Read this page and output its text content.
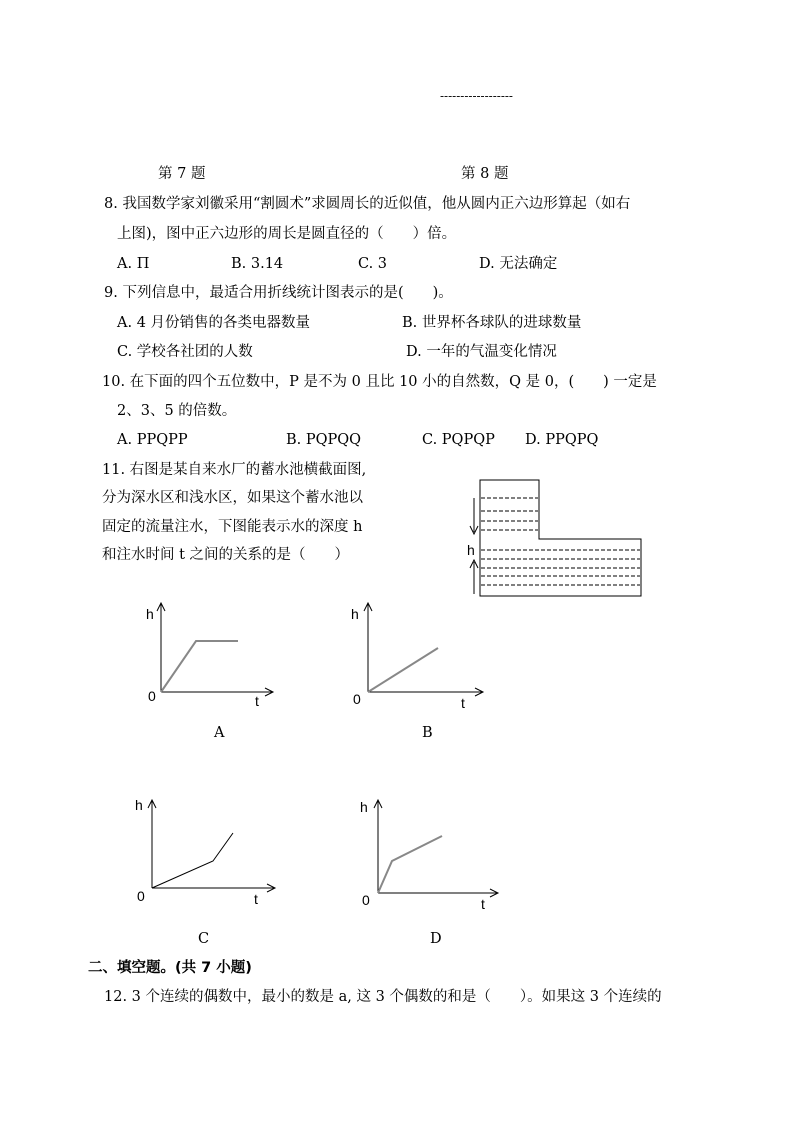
------------------
第 7 题	第 8 题
8. 我国数学家刘徽采用“割圆术”求圆周长的近似值，他从圆内正六边形算起（如右
上图)，图中正六边形的周长是圆直径的（　　）倍。
A. Π	B. 3.14	C. 3	D. 无法确定
9. 下列信息中，最适合用折线统计图表示的是(　　)。
A. 4 月份销售的各类电器数量	B. 世界杯各球队的进球数量
C. 学校各社团的人数	D. 一年的气温变化情况
10. 在下面的四个五位数中，P 是不为 0 且比 10 小的自然数，Q 是 0，(　　) 一定是
2、3、5 的倍数。
A. PPQPP	B. PQPQQ	C. PQPQP D. PPQPQ
11. 右图是某自来水厂的蓄水池横截面图,
分为深水区和浅水区，如果这个蓄水池以
固定的流量注水，下图能表示水的深度 h
和注水时间 t 之间的关系的是（　　）	h
h
0	t
A
h
0	t
B
h
0	t
C
h
0	t
D
二、填空题。(共 7 小题)
12. 3 个连续的偶数中，最小的数是 a, 这 3 个偶数的和是（　　）。如果这 3 个连续的
